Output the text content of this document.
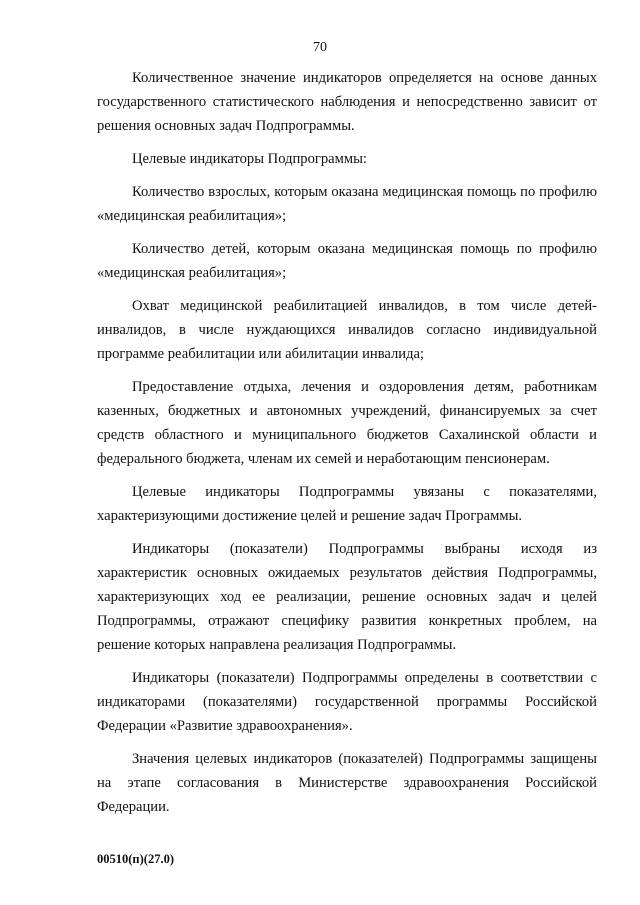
70

Количественное значение индикаторов определяется на основе данных государственного статистического наблюдения и непосредственно зависит от решения основных задач Подпрограммы.

Целевые индикаторы Подпрограммы:

Количество взрослых, которым оказана медицинская помощь по профилю «медицинская реабилитация»;

Количество детей, которым оказана медицинская помощь по профилю «медицинская реабилитация»;

Охват медицинской реабилитацией инвалидов, в том числе детей-инвалидов, в числе нуждающихся инвалидов согласно индивидуальной программе реабилитации или абилитации инвалида;

Предоставление отдыха, лечения и оздоровления детям, работникам казенных, бюджетных и автономных учреждений, финансируемых за счет средств областного и муниципального бюджетов Сахалинской области и федерального бюджета, членам их семей и неработающим пенсионерам.

Целевые индикаторы Подпрограммы увязаны с показателями, характеризующими достижение целей и решение задач Программы.

Индикаторы (показатели) Подпрограммы выбраны исходя из характеристик основных ожидаемых результатов действия Подпрограммы, характеризующих ход ее реализации, решение основных задач и целей Подпрограммы, отражают специфику развития конкретных проблем, на решение которых направлена реализация Подпрограммы.

Индикаторы (показатели) Подпрограммы определены в соответствии с индикаторами (показателями) государственной программы Российской Федерации «Развитие здравоохранения».

Значения целевых индикаторов (показателей) Подпрограммы защищены на этапе согласования в Министерстве здравоохранения Российской Федерации.

00510(п)(27.0)
